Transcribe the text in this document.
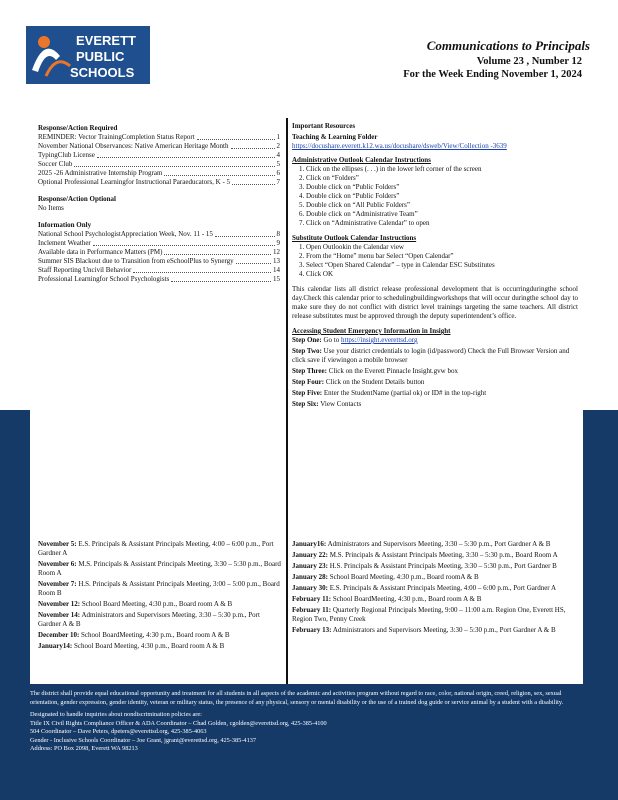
EVERETT
PUBLIC
SCHOOLS
Communications to Principals
Volume 23 , Number 12
For the Week Ending November 1, 2024
Response/Action Required
REMINDER: Vector TrainingCompletion Status Report	1
November National Observances: Native American Heritage Month	2
TypingClub License	4
Soccer Club	5
2025 -26 Administrative Internship Program	6
Optional Professional Learningfor Instructional Paraeducators, K - 5	7
Response/Action Optional
No Items
Information Only
National School PsychologistAppreciation Week, Nov. 11 - 15	8
Inclement Weather	9
Available data in Performance Matters (PM)	12
Summer SIS Blackout due to Transition from eSchoolPlus to Synergy	13
Staff Reporting Uncivil Behavior	14
Professional Learningfor School Psychologists	15
Important Resources
Teaching & Learning Folder
https://docushare.everett.k12.wa.us/docushare/dsweb/View/Collection -3639
Administrative Outlook Calendar Instructions
1. Click on the ellipses (. . .) in the lower left corner of the screen
2. Click on “Folders”
3. Double click on “Public Folders”
4. Double click on “Public Folders”
5. Double click on “All Public Folders”
6. Double click on “Administrative Team”
7. Click on “Administrative Calendar” to open
Substitute Outlook Calendar Instructions
1. Open Outlookin the Calendar view
2. From the “Home” menu bar Select “Open Calendar”
3. Select “Open Shared Calendar” – type in Calendar ESC Substitutes
4. Click OK
This calendar lists all district release professional development that is occurringduringthe school day.Check this calendar prior to schedulingbuildingworkshops that will occur duringthe school day to make sure they do not conflict with district level trainings targeting the same teachers. All district release substitutes must be approved through the deputy superintendent’s office.
Accessing Student Emergency Information in Insight
Step One: Go to https://insight.everettsd.org
Step Two: Use your district credentials to login (id/password) Check the Full Browser Version and click save if viewingon a mobile browser
Step Three: Click on the Everett Pinnacle Insight.gvw box
Step Four: Click on the Student Details button
Step Five: Enter the StudentName (partial ok) or ID# in the top-right
Step Six: View Contacts
November 5: E.S. Principals & Assistant Principals Meeting, 4:00 – 6:00 p.m., Port Gardner A
November 6: M.S. Principals & Assistant Principals Meeting, 3:30 – 5:30 p.m., Board Room A
November 7: H.S. Principals & Assistant Principals Meeting, 3:00 – 5:00 p.m., Board Room B
November 12: School Board Meeting, 4:30 p.m., Board room A & B
November 14: Administrators and Supervisors Meeting, 3:30 – 5:30 p.m., Port Gardner A & B
December 10: School BoardMeeting, 4:30 p.m., Board room A & B
January14: School Board Meeting, 4:30 p.m., Board room A & B
January16: Administrators and Supervisors Meeting, 3:30 – 5:30 p.m., Port Gardner A & B
January 22: M.S. Principals & Assistant Principals Meeting, 3:30 – 5:30 p.m., Board Room A
January 23: H.S. Principals & Assistant Principals Meeting, 3:30 – 5:30 p.m., Port Gardner B
January 28: School Board Meeting, 4:30 p.m., Board roomA & B
January 30: E.S. Principals & Assistant Principals Meeting, 4:00 – 6:00 p.m., Port Gardner A
February 11: School BoardMeeting, 4:30 p.m., Board room A & B
February 11: Quarterly Regional Principals Meeting, 9:00 – 11:00 a.m. Region One, Everett HS, Region Two, Penny Creek
February 13: Administrators and Supervisors Meeting, 3:30 – 5:30 p.m., Port Gardner A & B

The district shall provide equal educational opportunity and treatment for all students in all aspects of the academic and activities program without regard to race, color, national origin, creed, religion, sex, sexual orientation, gender expression, gender identity, veteran or military status, the presence of any physical, sensory or mental disability or the use of a trained dog guide or service animal by a student with a disability.

Designated to handle inquiries about nondiscrimination policies are:
Title IX Civil Rights Compliance Officer & ADA Coordinator – Chad Golden, cgolden@everettsd.org, 425-385-4100
504 Coordinator – Dave Peters, dpeters@everettsd.org, 425-385-4063
Gender - Inclusive Schools Coordinator – Joe Grant, jgrant@everettsd.org, 425-385-4137
Address: PO Box 2098, Everett WA 98213
